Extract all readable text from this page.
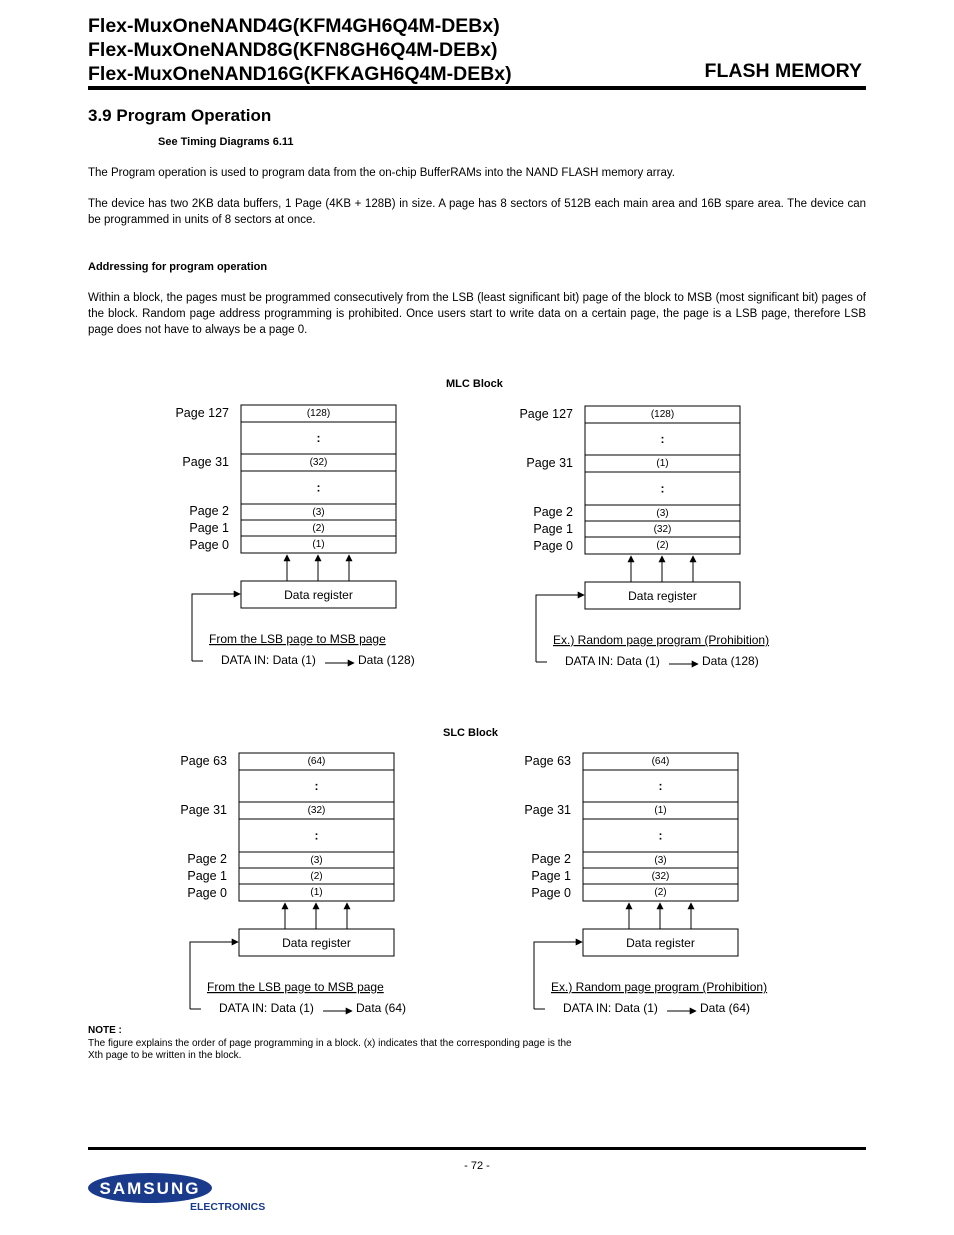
Flex-MuxOneNAND4G(KFM4GH6Q4M-DEBx)
Flex-MuxOneNAND8G(KFN8GH6Q4M-DEBx)
Flex-MuxOneNAND16G(KFKAGH6Q4M-DEBx)	FLASH MEMORY
3.9 Program Operation
See Timing Diagrams 6.11
The Program operation is used to program data from the on-chip BufferRAMs into the NAND FLASH memory array.
The device has two 2KB data buffers, 1 Page (4KB + 128B) in size. A page has 8 sectors of 512B each main area and 16B spare area. The device can be programmed in units of 8 sectors at once.
Addressing for program operation
Within a block, the pages must be programmed consecutively from the LSB (least significant bit) page of the block to MSB (most significant bit) pages of the block. Random page address programming is prohibited. Once users start to write data on a certain page, the page is a LSB page, therefore LSB page does not have to always be a page 0.
MLC Block
SLC Block
(128)
(32)
(3)
(2)
(1)
:
:
Page 127
Page 31
Page 2
Page 1
Page 0
Data register
From the LSB page to MSB page
DATA IN: Data (1)	Data (128)
(128)
(1)
(3)
(32)
(2)
:
:
Page 127
Page 31
Page 2
Page 1
Page 0
Data register
Ex.) Random page program (Prohibition)
DATA IN: Data (1)	Data (128)
(64)
(32)
(3)
(2)
(1)
:
:
Page 63
Page 31
Page 2
Page 1
Page 0
Data register
From the LSB page to MSB page
DATA IN: Data (1)	Data (64)
(64)
(1)
(3)
(32)
(2)
:
:
Page 63
Page 31
Page 2
Page 1
Page 0
Data register
Ex.) Random page program (Prohibition)
DATA IN: Data (1)	Data (64)
NOTE :
The figure explains the order of page programming in a block. (x) indicates that the corresponding page is the Xth page to be written in the block.
- 72 -
SAMSUNG
ELECTRONICS
